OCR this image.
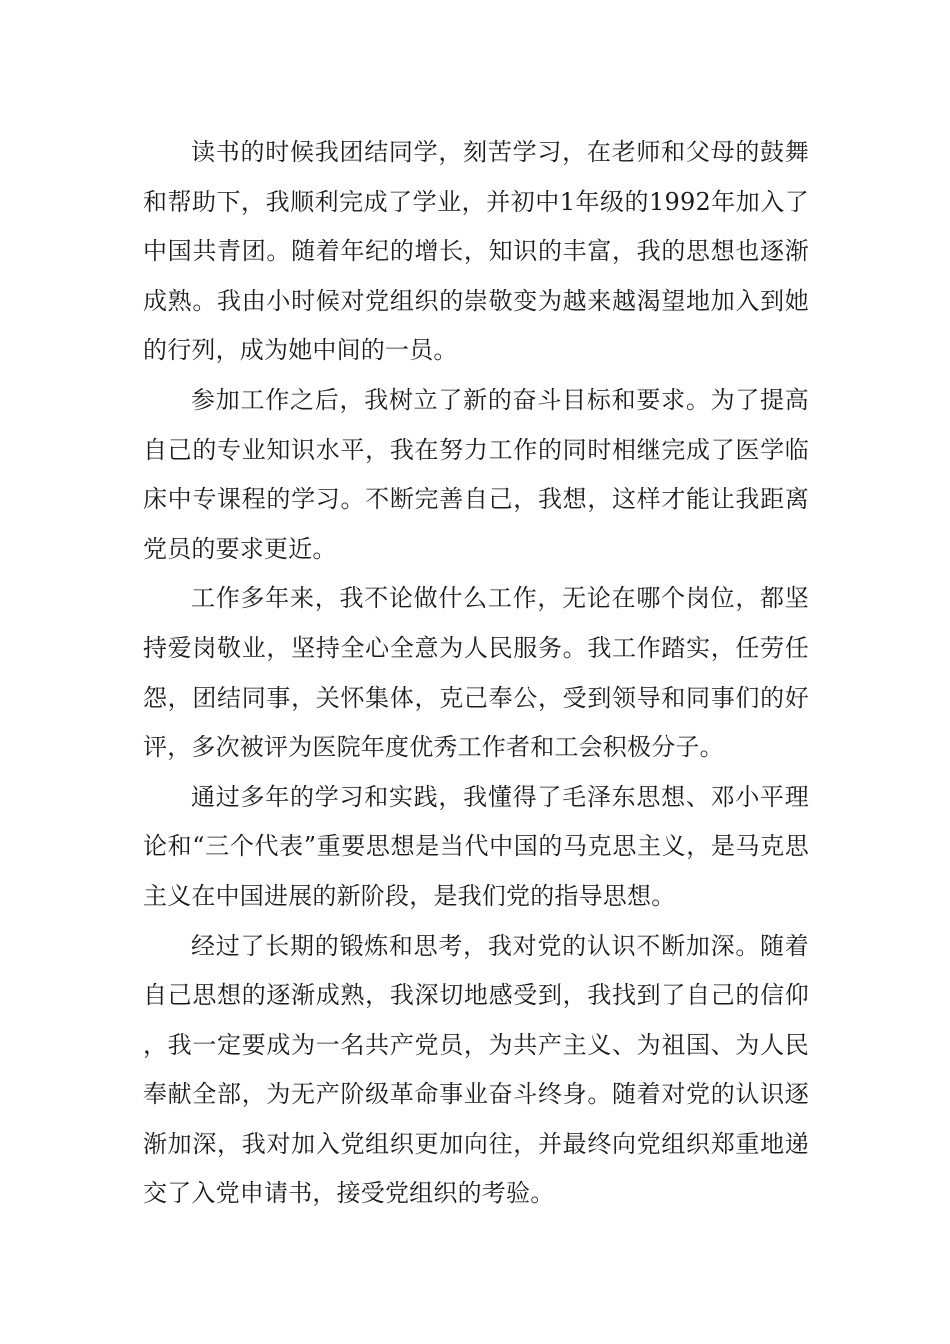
读书的时候我团结同学，刻苦学习，在老师和父母的鼓舞和帮助下，我顺利完成了学业，并初中1年级的1992年加入了中国共青团。随着年纪的增长，知识的丰富，我的思想也逐渐成熟。我由小时候对党组织的崇敬变为越来越渴望地加入到她的行列，成为她中间的一员。

参加工作之后，我树立了新的奋斗目标和要求。为了提高自己的专业知识水平，我在努力工作的同时相继完成了医学临床中专课程的学习。不断完善自己，我想，这样才能让我距离党员的要求更近。

工作多年来，我不论做什么工作，无论在哪个岗位，都坚持爱岗敬业，坚持全心全意为人民服务。我工作踏实，任劳任怨，团结同事，关怀集体，克己奉公，受到领导和同事们的好评，多次被评为医院年度优秀工作者和工会积极分子。

通过多年的学习和实践，我懂得了毛泽东思想、邓小平理论和“三个代表”重要思想是当代中国的马克思主义，是马克思主义在中国进展的新阶段，是我们党的指导思想。

经过了长期的锻炼和思考，我对党的认识不断加深。随着自己思想的逐渐成熟，我深切地感受到，我找到了自己的信仰，我一定要成为一名共产党员，为共产主义、为祖国、为人民奉献全部，为无产阶级革命事业奋斗终身。随着对党的认识逐渐加深，我对加入党组织更加向往，并最终向党组织郑重地递交了入党申请书，接受党组织的考验。
